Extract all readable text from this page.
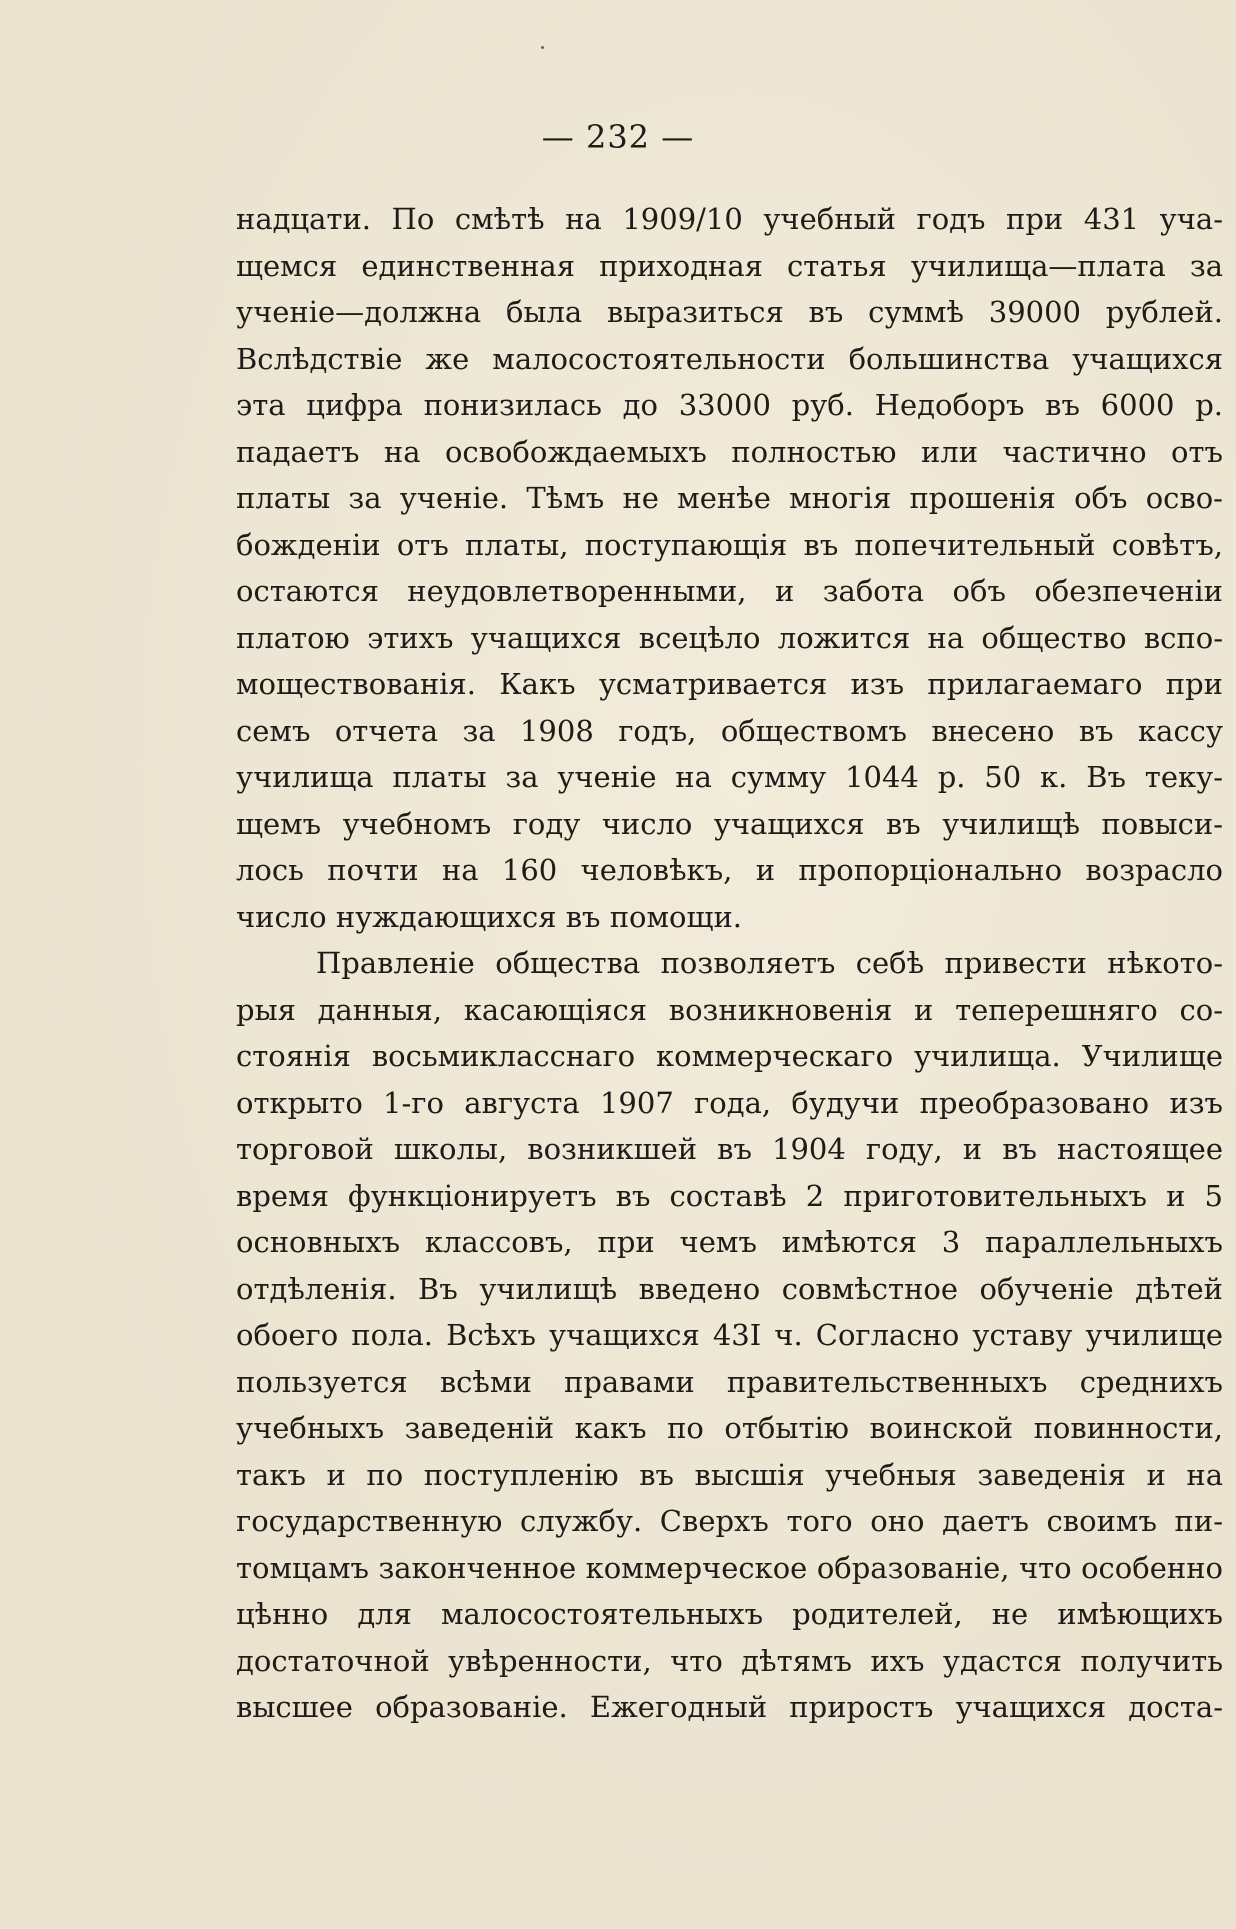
— 232 —
надцати. По смѣтѣ на 1909/10 учебный годъ при 431 уча-
щемся единственная приходная статья училища—плата за
ученіе—должна была выразиться въ суммѣ 39000 рублей.
Вслѣдствіе же малосостоятельности большинства учащихся
эта цифра понизилась до 33000 руб. Недоборъ въ 6000 р.
падаетъ на освобождаемыхъ полностью или частично отъ
платы за ученіе. Тѣмъ не менѣе многія прошенія объ осво-
божденіи отъ платы, поступающія въ попечительный совѣтъ,
остаются неудовлетворенными, и забота объ обезпеченіи
платою этихъ учащихся всецѣло ложится на общество вспо-
моществованія. Какъ усматривается изъ прилагаемаго при
семъ отчета за 1908 годъ, обществомъ внесено въ кассу
училища платы за ученіе на сумму 1044 р. 50 к. Въ теку-
щемъ учебномъ году число учащихся въ училищѣ повыси-
лось почти на 160 человѣкъ, и пропорціонально возрасло
число нуждающихся въ помощи.
Правленіе общества позволяетъ себѣ привести нѣкото-
рыя данныя, касающіяся возникновенія и теперешняго со-
стоянія восьмикласснаго коммерческаго училища. Училище
открыто 1-го августа 1907 года, будучи преобразовано изъ
торговой школы, возникшей въ 1904 году, и въ настоящее
время функціонируетъ въ составѣ 2 приготовительныхъ и 5
основныхъ классовъ, при чемъ имѣются 3 параллельныхъ
отдѣленія. Въ училищѣ введено совмѣстное обученіе дѣтей
обоего пола. Всѣхъ учащихся 43I ч. Согласно уставу училище
пользуется всѣми правами правительственныхъ среднихъ
учебныхъ заведеній какъ по отбытію воинской повинности,
такъ и по поступленію въ высшія учебныя заведенія и на
государственную службу. Сверхъ того оно даетъ своимъ пи-
томцамъ законченное коммерческое образованіе, что особенно
цѣнно для малосостоятельныхъ родителей, не имѣющихъ
достаточной увѣренности, что дѣтямъ ихъ удастся получить
высшее образованіе. Ежегодный приростъ учащихся доста-
